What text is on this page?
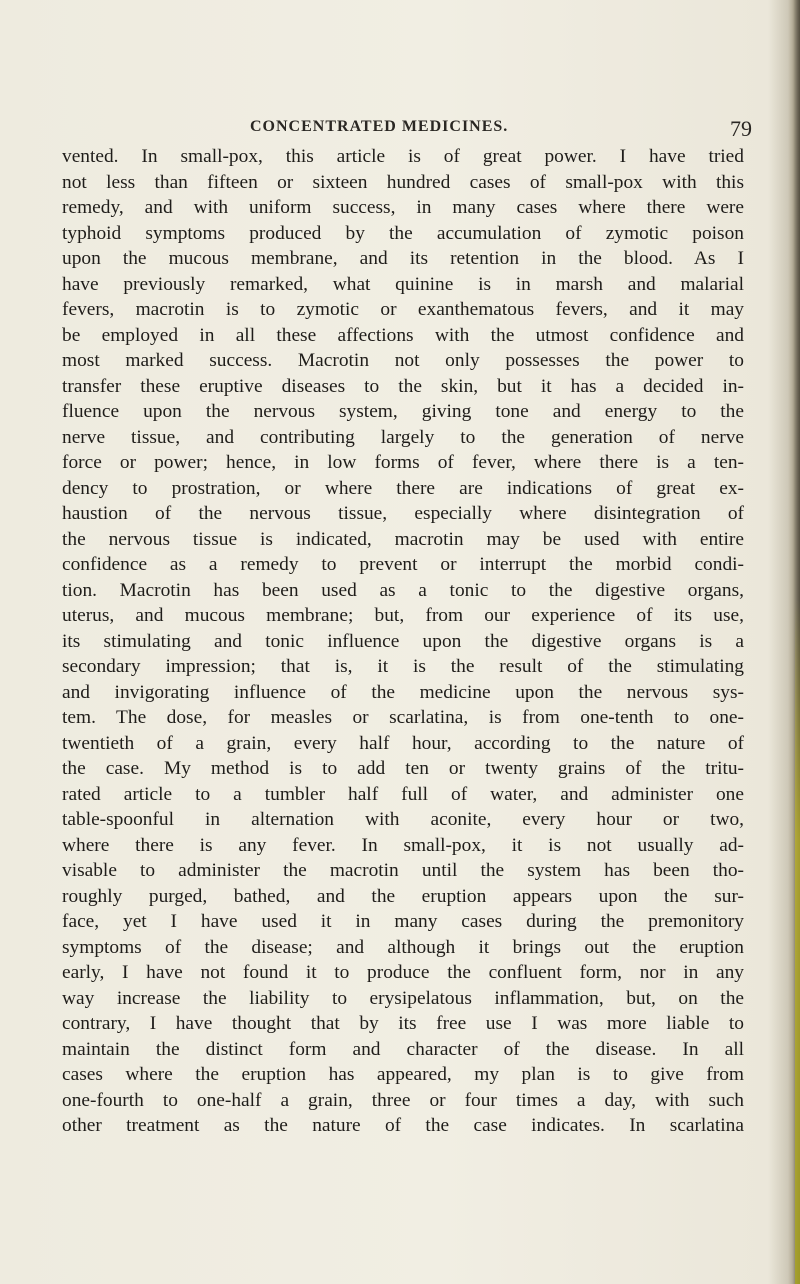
CONCENTRATED MEDICINES.	79
vented. In small-pox, this article is of great power. I have tried
not less than fifteen or sixteen hundred cases of small-pox with this
remedy, and with uniform success, in many cases where there were
typhoid symptoms produced by the accumulation of zymotic poison
upon the mucous membrane, and its retention in the blood. As I
have previously remarked, what quinine is in marsh and malarial
fevers, macrotin is to zymotic or exanthematous fevers, and it may
be employed in all these affections with the utmost confidence and
most marked success. Macrotin not only possesses the power to
transfer these eruptive diseases to the skin, but it has a decided in-
fluence upon the nervous system, giving tone and energy to the
nerve tissue, and contributing largely to the generation of nerve
force or power; hence, in low forms of fever, where there is a ten-
dency to prostration, or where there are indications of great ex-
haustion of the nervous tissue, especially where disintegration of
the nervous tissue is indicated, macrotin may be used with entire
confidence as a remedy to prevent or interrupt the morbid condi-
tion. Macrotin has been used as a tonic to the digestive organs,
uterus, and mucous membrane; but, from our experience of its use,
its stimulating and tonic influence upon the digestive organs is a
secondary impression; that is, it is the result of the stimulating
and invigorating influence of the medicine upon the nervous sys-
tem. The dose, for measles or scarlatina, is from one-tenth to one-
twentieth of a grain, every half hour, according to the nature of
the case. My method is to add ten or twenty grains of the tritu-
rated article to a tumbler half full of water, and administer one
table-spoonful in alternation with aconite, every hour or two,
where there is any fever. In small-pox, it is not usually ad-
visable to administer the macrotin until the system has been tho-
roughly purged, bathed, and the eruption appears upon the sur-
face, yet I have used it in many cases during the premonitory
symptoms of the disease; and although it brings out the eruption
early, I have not found it to produce the confluent form, nor in any
way increase the liability to erysipelatous inflammation, but, on the
contrary, I have thought that by its free use I was more liable to
maintain the distinct form and character of the disease. In all
cases where the eruption has appeared, my plan is to give from
one-fourth to one-half a grain, three or four times a day, with such
other treatment as the nature of the case indicates. In scarlatina
